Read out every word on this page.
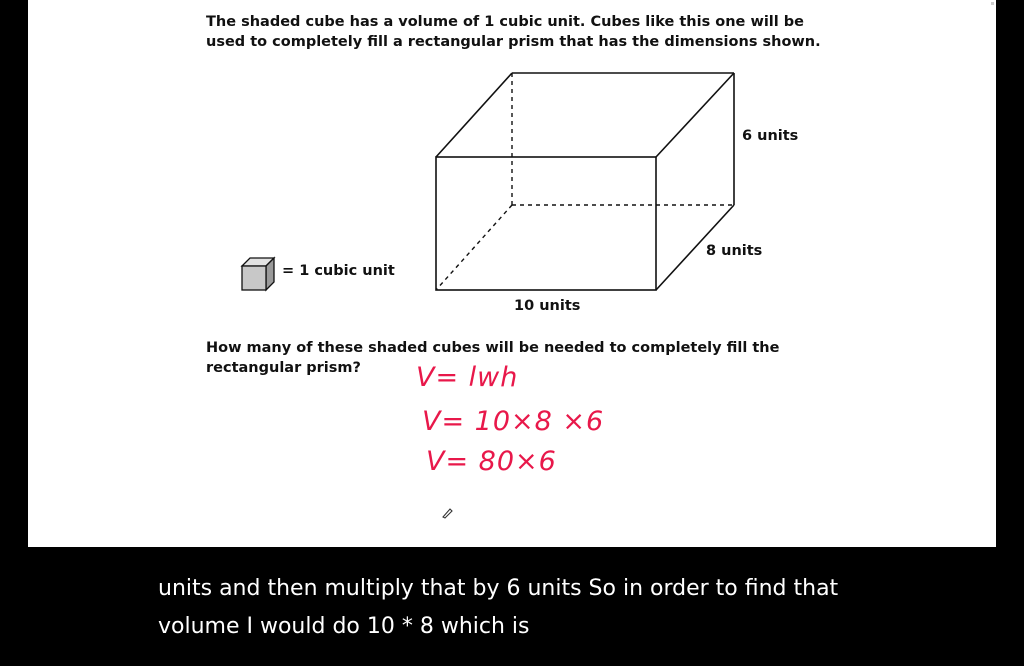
The shaded cube has a volume of 1 cubic unit. Cubes like this one will be used to completely fill a rectangular prism that has the dimensions shown.

6 units
8 units
10 units
= 1 cubic unit

How many of these shaded cubes will be needed to completely fill the rectangular prism?	V= lwh
V= 10×8 ×6
V= 80×6
units and then multiply that by 6 units So in order to find that
volume I would do 10 * 8 which is
